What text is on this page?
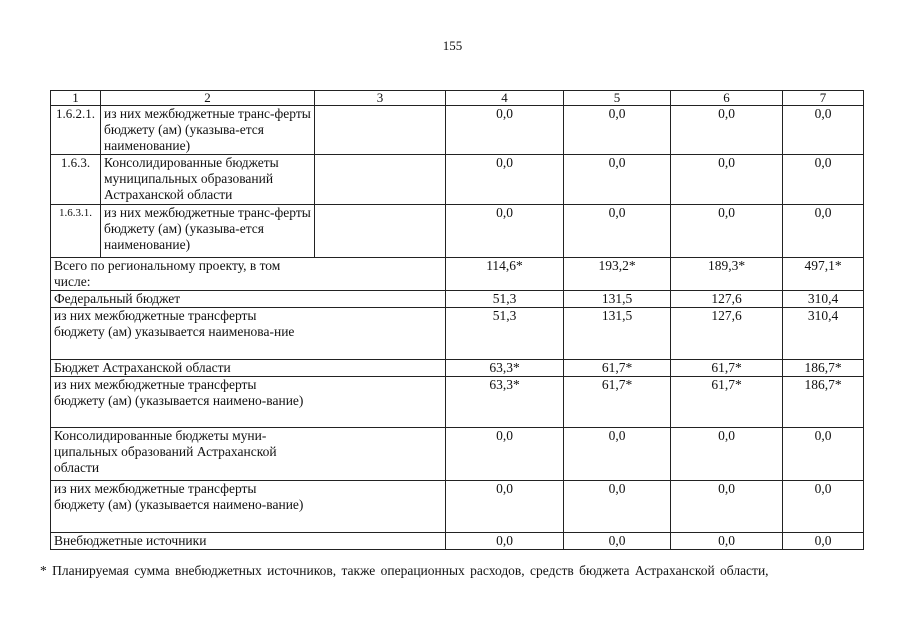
155
1	2	3	4	5	6	7
1.6.2.1.	из них межбюджетные транс-ферты бюджету (ам) (указыва-ется наименование)		0,0	0,0	0,0	0,0
1.6.3.	Консолидированные бюджеты муниципальных образований Астраханской области		0,0	0,0	0,0	0,0
1.6.3.1.	из них межбюджетные транс-ферты бюджету (ам) (указыва-ется наименование)		0,0	0,0	0,0	0,0

Всего по региональному проекту, в том числе:			114,6*	193,2*	189,3*	497,1*

Федеральный бюджет			51,3	131,5	127,6	310,4

из них межбюджетные трансферты бюджету (ам) указывается наименова-ние			51,3	131,5	127,6	310,4

Бюджет Астраханской области			63,3*	61,7*	61,7*	186,7*

из них межбюджетные трансферты бюджету (ам) (указывается наимено-вание)			63,3*	61,7*	61,7*	186,7*

Консолидированные бюджеты муни-ципальных образований Астраханской области			0,0	0,0	0,0	0,0

из них межбюджетные трансферты бюджету (ам) (указывается наимено-вание)			0,0	0,0	0,0	0,0

Внебюджетные источники			0,0	0,0	0,0	0,0
* Планируемая сумма внебюджетных источников, также операционных расходов, средств бюджета Астраханской области,
